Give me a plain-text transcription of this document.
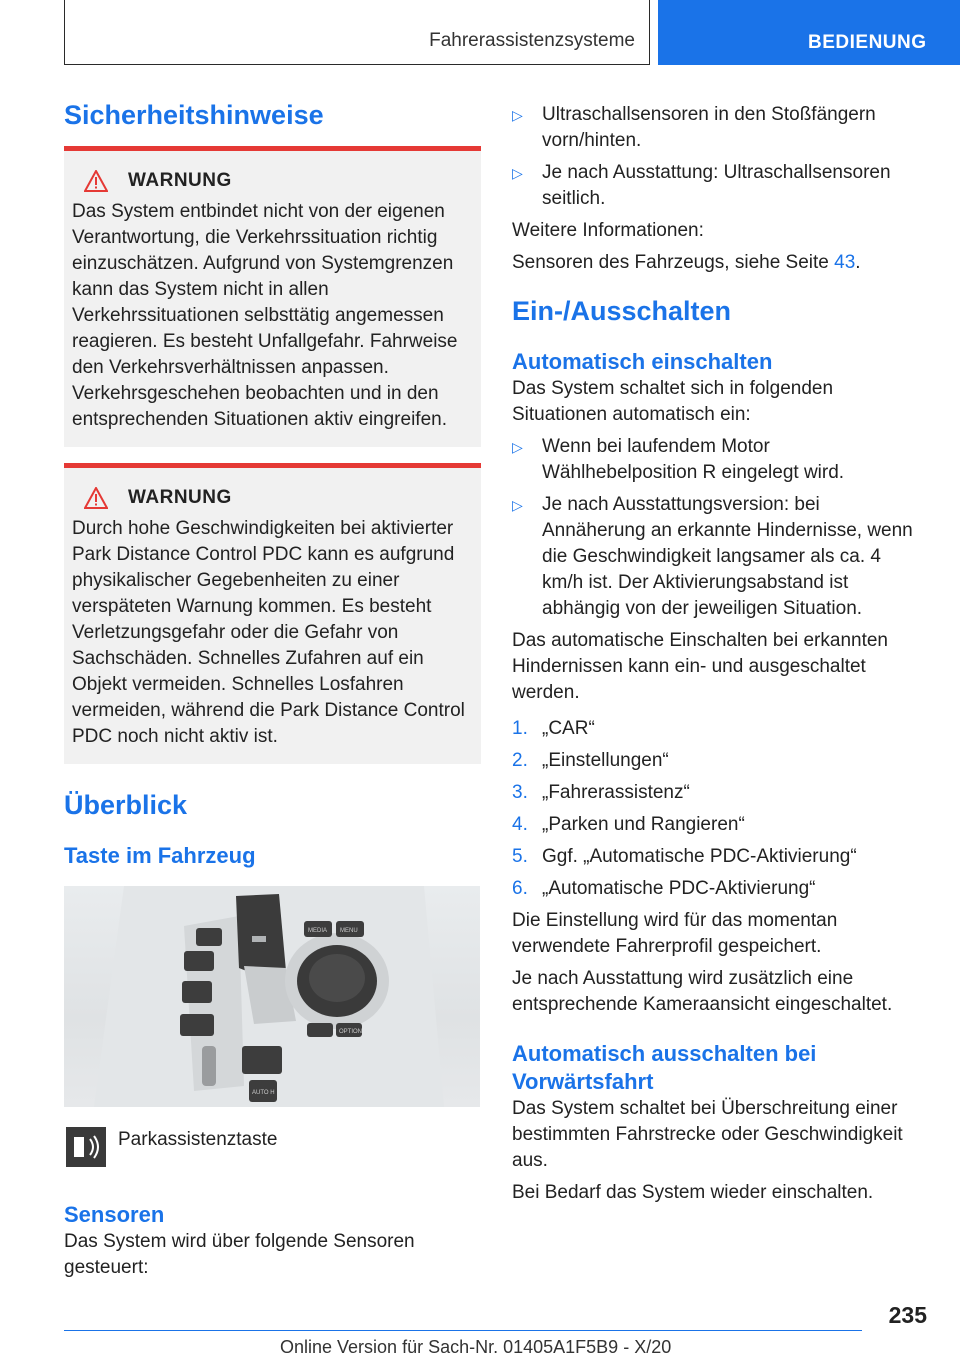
Fahrerassistenzsysteme	BEDIENUNG
Sicherheitshinweise
WARNUNG

Das System entbindet nicht von der eigenen Verantwortung, die Verkehrssituation richtig einzuschätzen. Aufgrund von Systemgrenzen kann das System nicht in allen Verkehrssituationen selbsttätig angemessen reagieren. Es besteht Unfallgefahr. Fahrweise den Verkehrsverhältnissen anpassen. Verkehrsgeschehen beobachten und in den entsprechenden Situationen aktiv eingreifen.

WARNUNG

Durch hohe Geschwindigkeiten bei aktivierter Park Distance Control PDC kann es aufgrund physikalischer Gegebenheiten zu einer verspäteten Warnung kommen. Es besteht Verletzungsgefahr oder die Gefahr von Sachschäden. Schnelles Zufahren auf ein Objekt vermeiden. Schnelles Losfahren vermeiden, während die Park Distance Control PDC noch nicht aktiv ist.

Überblick
Taste im Fahrzeug
MEDIA MENU
OPTION
AUTO H
Parkassistenztaste
Sensoren

Das System wird über folgende Sensoren gesteuert:

▷ Ultraschallsensoren in den Stoßfängern vorn/hinten.

▷ Je nach Ausstattung: Ultraschallsensoren seitlich.

Weitere Informationen:

Sensoren des Fahrzeugs, siehe Seite 43.

Ein-/Ausschalten
Automatisch einschalten

Das System schaltet sich in folgenden Situationen automatisch ein:

▷ Wenn bei laufendem Motor Wählhebelposition R eingelegt wird.

▷ Je nach Ausstattungsversion: bei Annäherung an erkannte Hindernisse, wenn die Geschwindigkeit langsamer als ca. 4 km/h ist. Der Aktivierungsabstand ist abhängig von der jeweiligen Situation.

Das automatische Einschalten bei erkannten Hindernissen kann ein- und ausgeschaltet werden.

1. „CAR“

2. „Einstellungen“

3. „Fahrerassistenz“

4. „Parken und Rangieren“

5. Ggf. „Automatische PDC-Aktivierung“

6. „Automatische PDC-Aktivierung“

Die Einstellung wird für das momentan verwendete Fahrerprofil gespeichert.

Je nach Ausstattung wird zusätzlich eine entsprechende Kameraansicht eingeschaltet.

Automatisch ausschalten bei Vorwärtsfahrt

Das System schaltet bei Überschreitung einer bestimmten Fahrstrecke oder Geschwindigkeit aus.

Bei Bedarf das System wieder einschalten.

235
Online Version für Sach-Nr. 01405A1F5B9 - X/20
